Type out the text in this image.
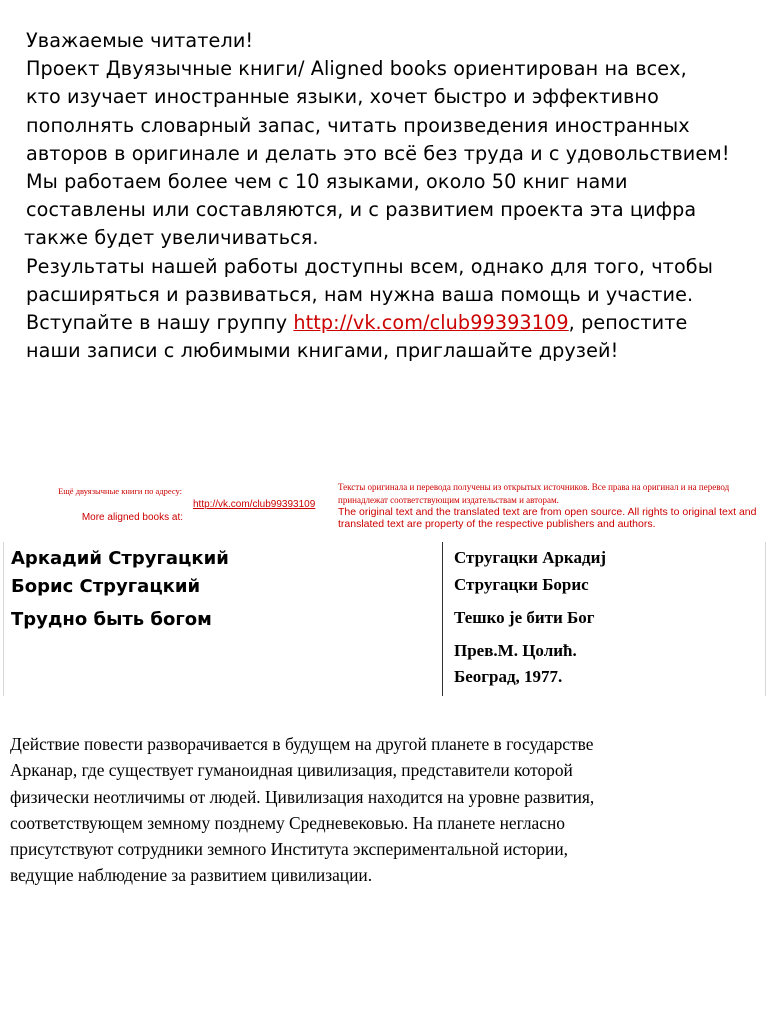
Уважаемые читатели!
Проект Двуязычные книги/ Aligned books ориентирован на всех,
кто изучает иностранные языки, хочет быстро и эффективно
пополнять словарный запас, читать произведения иностранных
авторов в оригинале и делать это всё без труда и с удовольствием!
Мы работаем более чем с 10 языками, около 50 книг нами
составлены или составляются, и с развитием проекта эта цифра
также будет увеличиваться.
Результаты нашей работы доступны всем, однако для того, чтобы
расширяться и развиваться, нам нужна ваша помощь и участие.
Вступайте в нашу группу http://vk.com/club99393109, репостите
наши записи с любимыми книгами, приглашайте друзей!
Ещё двуязычные книги по адресу:
More aligned books at:
http://vk.com/club99393109
Тексты оригинала и перевода получены из открытых источников. Все права на оригинал и на перевод принадлежат соответствующим издательствам и авторам.
The original text and the translated text are from open source. All rights to original text and translated text are property of the respective publishers and authors.
Аркадий Стругацкий
Борис Стругацкий
Трудно быть богом
Стругацки Аркадиј
Стругацки Борис
Тешко је бити Бог
Прев.М. Цолић.
Београд, 1977.
Действие повести разворачивается в будущем на другой планете в государстве
Арканар, где существует гуманоидная цивилизация, представители которой
физически неотличимы от людей. Цивилизация находится на уровне развития,
соответствующем земному позднему Средневековью. На планете негласно
присутствуют сотрудники земного Института экспериментальной истории,
ведущие наблюдение за развитием цивилизации.
